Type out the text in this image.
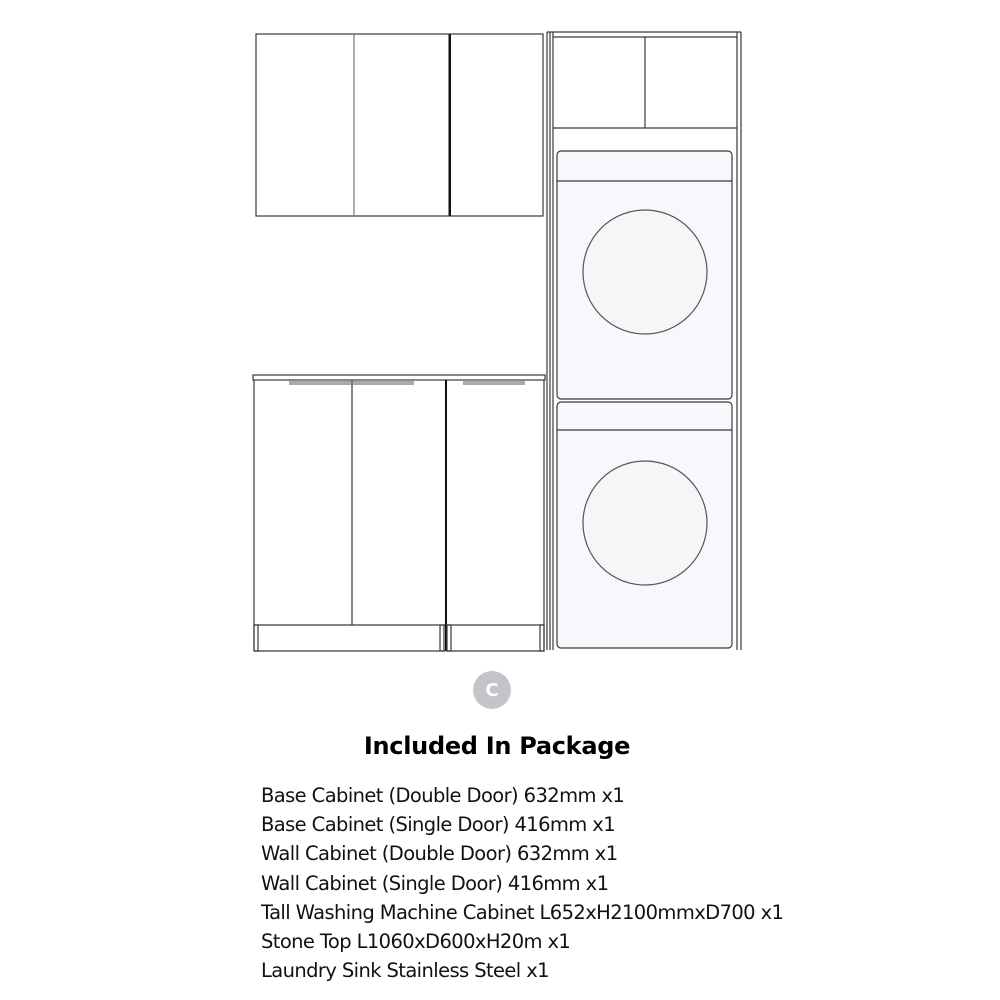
C
Included In Package
Base Cabinet (Double Door) 632mm x1
Base Cabinet (Single Door) 416mm x1
Wall Cabinet (Double Door) 632mm x1
Wall Cabinet (Single Door) 416mm x1
Tall Washing Machine Cabinet L652xH2100mmxD700 x1
Stone Top L1060xD600xH20m x1
Laundry Sink Stainless Steel x1
